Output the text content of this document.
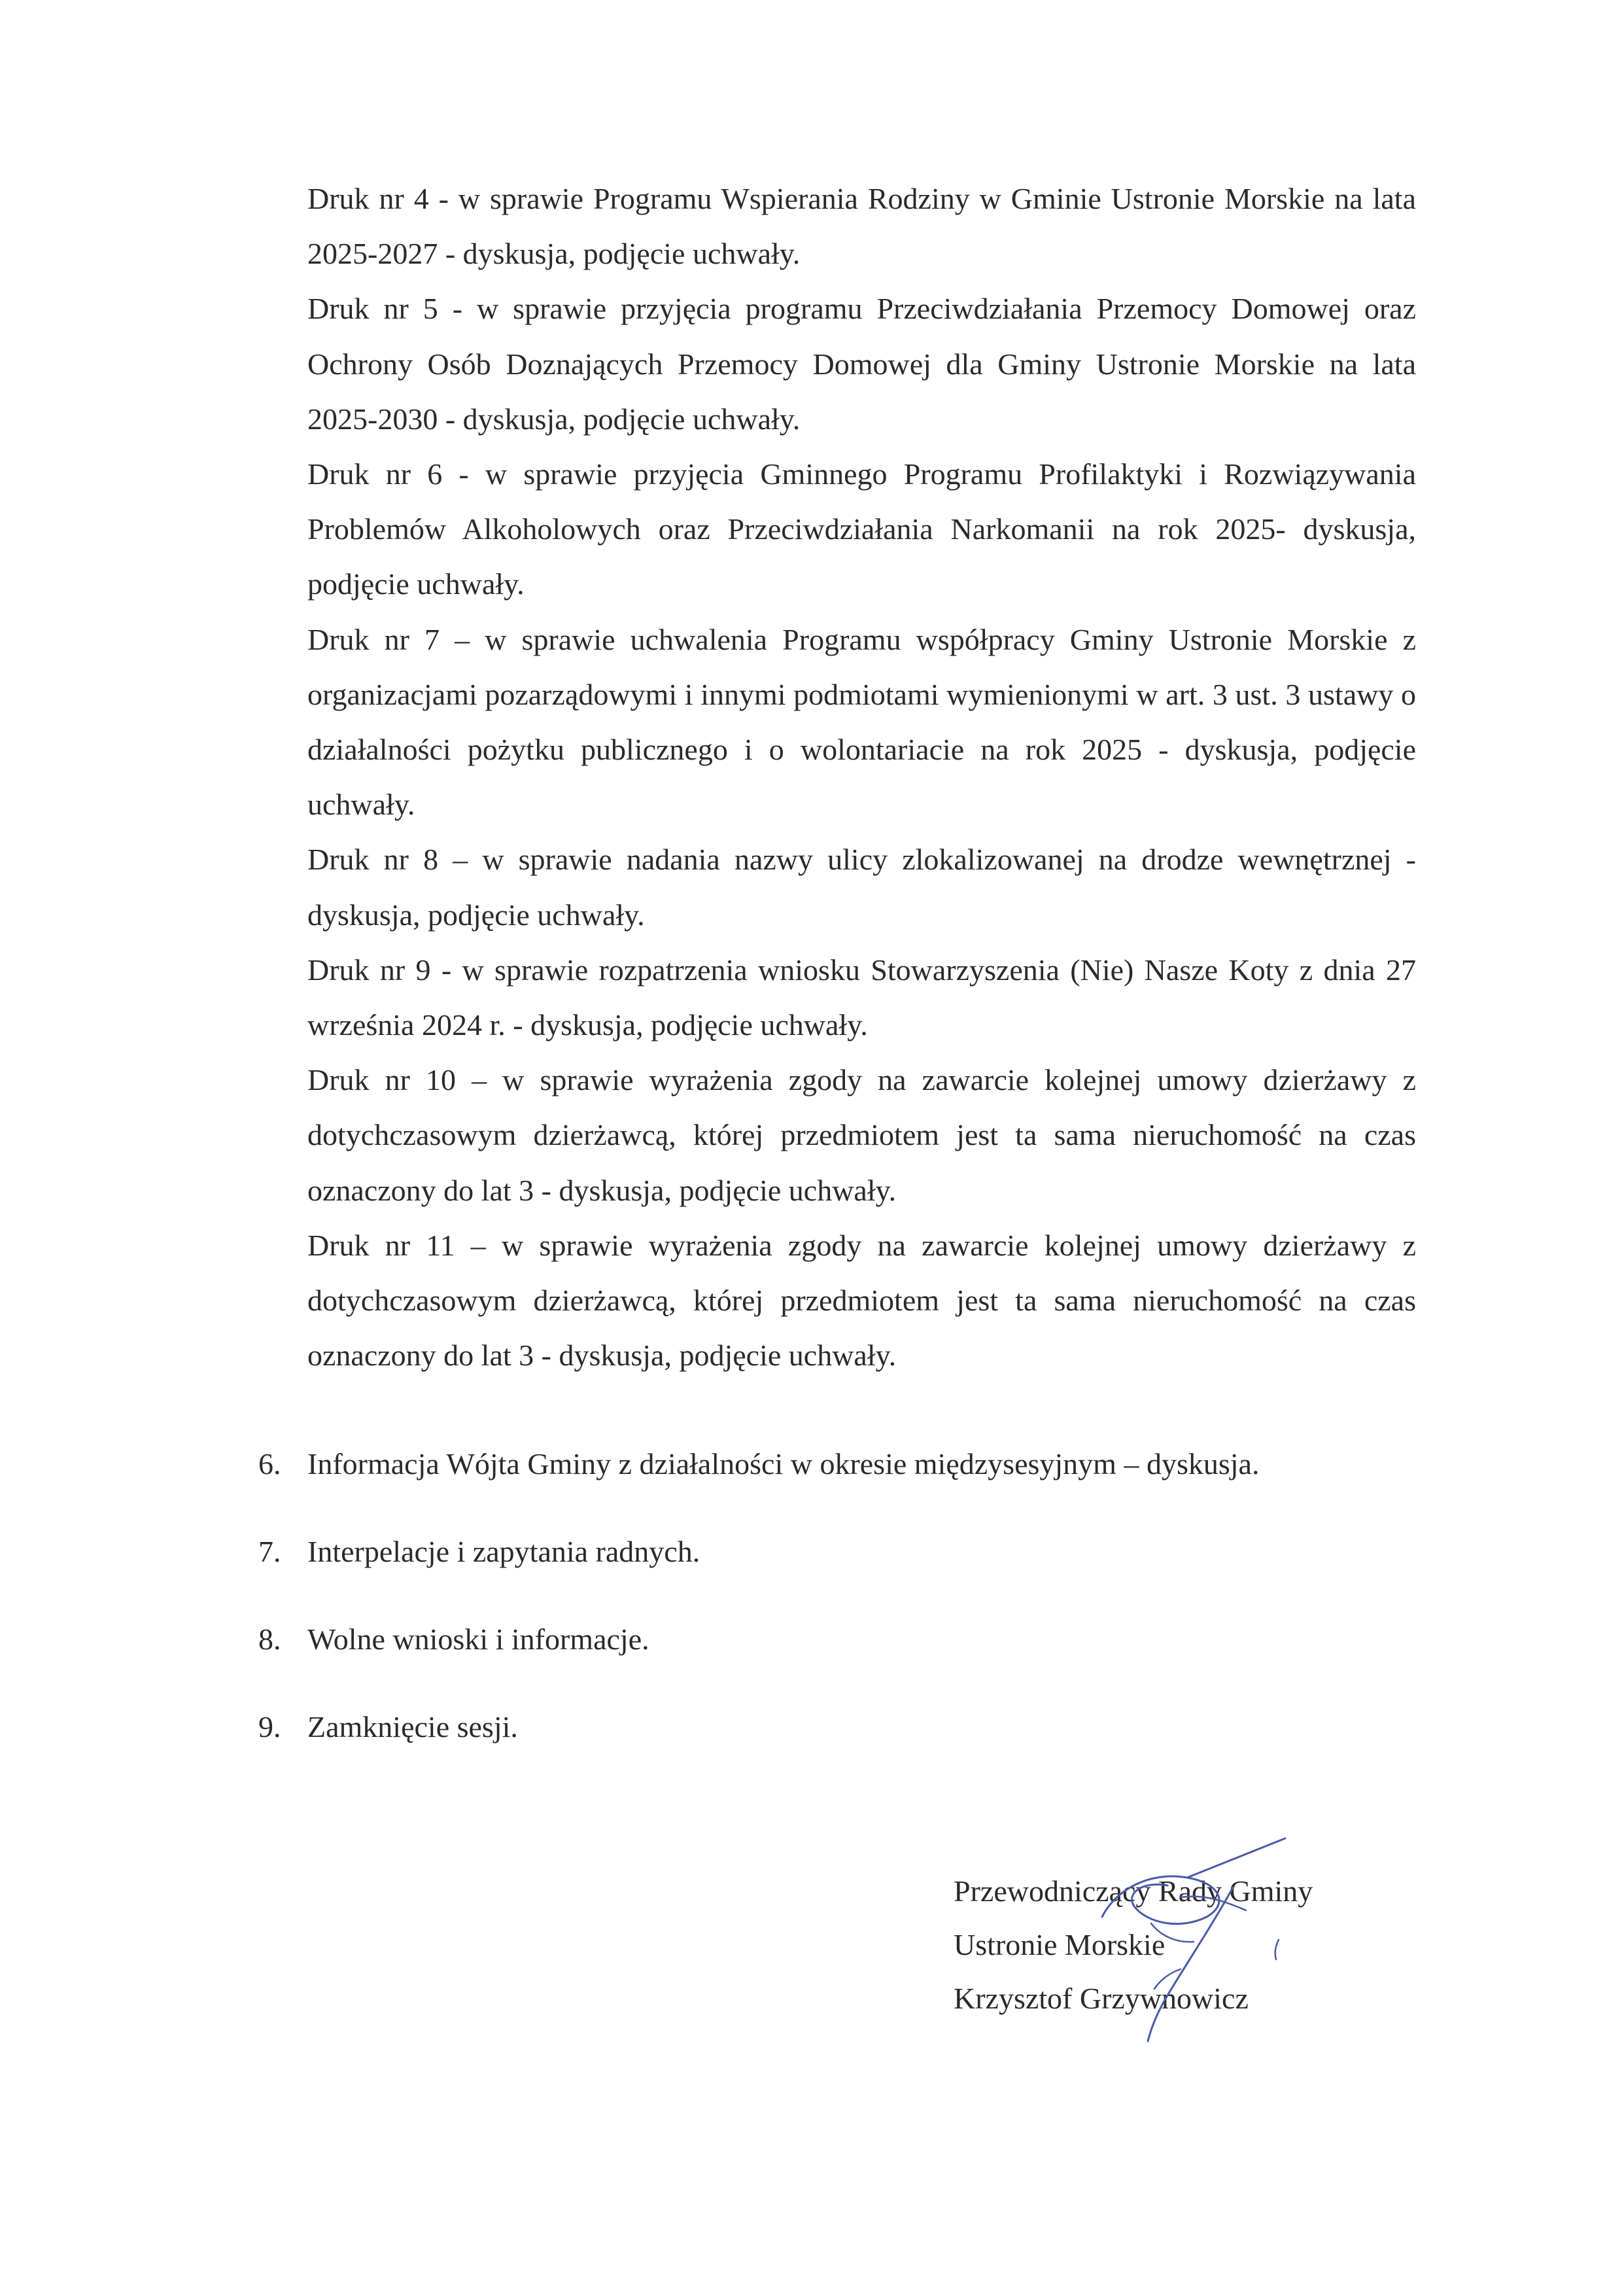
Druk nr 4 - w sprawie Programu Wspierania Rodziny w Gminie Ustronie Morskie na lata 2025-2027 - dyskusja, podjęcie uchwały.

Druk nr 5 - w sprawie przyjęcia programu Przeciwdziałania Przemocy Domowej oraz Ochrony Osób Doznających Przemocy Domowej dla Gminy Ustronie Morskie na lata 2025-2030 - dyskusja, podjęcie uchwały.

Druk nr 6 - w sprawie przyjęcia Gminnego Programu Profilaktyki i Rozwiązywania Problemów Alkoholowych oraz Przeciwdziałania Narkomanii na rok 2025- dyskusja, podjęcie uchwały.

Druk nr 7 – w sprawie uchwalenia Programu współpracy Gminy Ustronie Morskie z organizacjami pozarządowymi i innymi podmiotami wymienionymi w art. 3 ust. 3 ustawy o działalności pożytku publicznego i o wolontariacie na rok 2025 - dyskusja, podjęcie uchwały.

Druk nr 8 – w sprawie nadania nazwy ulicy zlokalizowanej na drodze wewnętrznej - dyskusja, podjęcie uchwały.

Druk nr 9 - w sprawie rozpatrzenia wniosku Stowarzyszenia (Nie) Nasze Koty z dnia 27 września 2024 r. - dyskusja, podjęcie uchwały.

Druk nr 10 – w sprawie wyrażenia zgody na zawarcie kolejnej umowy dzierżawy z dotychczasowym dzierżawcą, której przedmiotem jest ta sama nieruchomość na czas oznaczony do lat 3 - dyskusja, podjęcie uchwały.

Druk nr 11 – w sprawie wyrażenia zgody na zawarcie kolejnej umowy dzierżawy z dotychczasowym dzierżawcą, której przedmiotem jest ta sama nieruchomość na czas oznaczony do lat 3 - dyskusja, podjęcie uchwały.

6. Informacja Wójta Gminy z działalności w okresie międzysesyjnym – dyskusja.
7. Interpelacje i zapytania radnych.
8. Wolne wnioski i informacje.
9. Zamknięcie sesji.
Przewodniczący Rady Gminy
Ustronie Morskie
Krzysztof Grzywnowicz
